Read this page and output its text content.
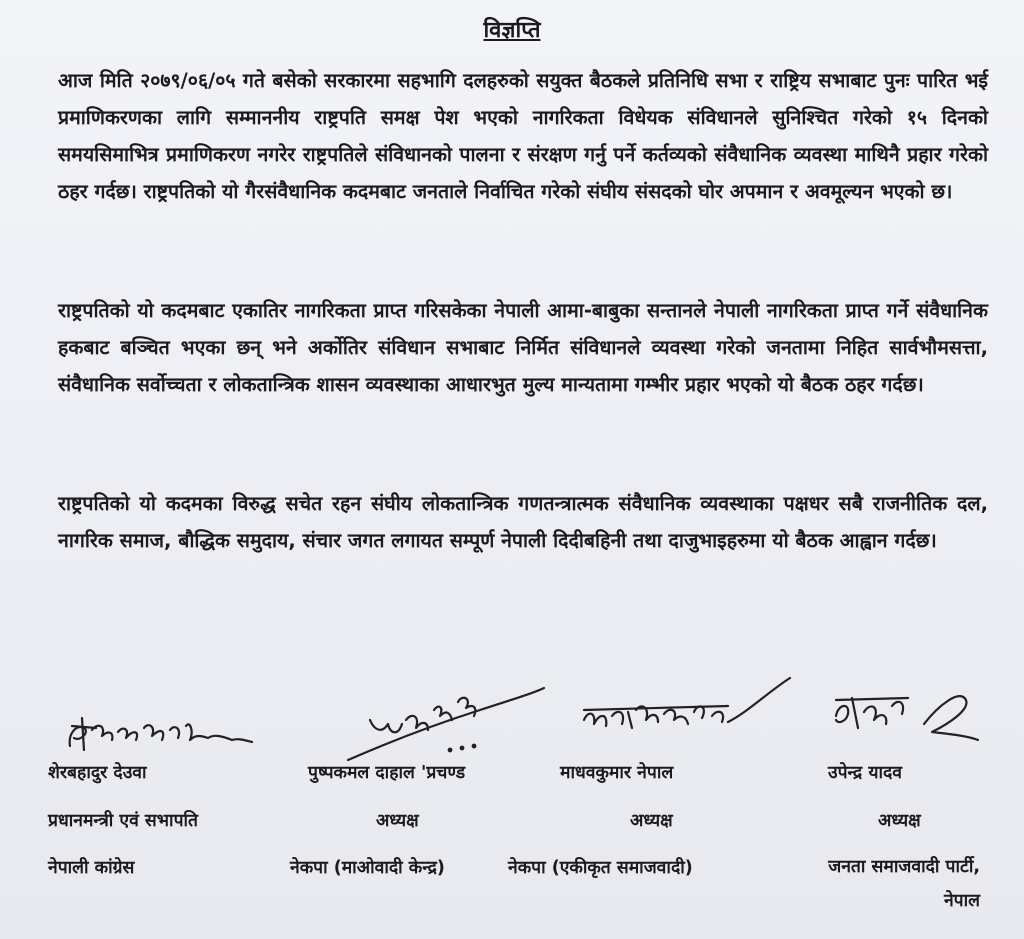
विज्ञप्ति

आज मिति २०७९/०६/०५ गते बसेको सरकारमा सहभागि दलहरुको सयुक्त बैठकले प्रतिनिधि सभा र राष्ट्रिय सभाबाट पुनः पारित भई प्रमाणिकरणका लागि सम्माननीय राष्ट्रपति समक्ष पेश भएको नागरिकता विधेयक संविधानले सुनिश्चित गरेको १५ दिनको समयसिमाभित्र प्रमाणिकरण नगरेर राष्ट्रपतिले संविधानको पालना र संरक्षण गर्नु पर्ने कर्तव्यको संवैधानिक व्यवस्था माथिनै प्रहार गरेको ठहर गर्दछ। राष्ट्रपतिको यो गैरसंवैधानिक कदमबाट जनताले निर्वाचित गरेको संघीय संसदको घोर अपमान र अवमूल्यन भएको छ।

राष्ट्रपतिको यो कदमबाट एकातिर नागरिकता प्राप्त गरिसकेका नेपाली आमा-बाबुका सन्तानले नेपाली नागरिकता प्राप्त गर्ने संवैधानिक हकबाट बञ्चित भएका छन् भने अर्कोतिर संविधान सभाबाट निर्मित संविधानले व्यवस्था गरेको जनतामा निहित सार्वभौमसत्ता, संवैधानिक सर्वोच्चता र लोकतान्त्रिक शासन व्यवस्थाका आधारभुत मुल्य मान्यतामा गम्भीर प्रहार भएको यो बैठक ठहर गर्दछ।

राष्ट्रपतिको यो कदमका विरुद्ध सचेत रहन संघीय लोकतान्त्रिक गणतन्त्रात्मक संवैधानिक व्यवस्थाका पक्षधर सबै राजनीतिक दल, नागरिक समाज, बौद्धिक समुदाय, संचार जगत लगायत सम्पूर्ण नेपाली दिदीबहिनी तथा दाजुभाइहरुमा यो बैठक आह्वान गर्दछ।

शेरबहादुर देउवा
प्रधानमन्त्री एवं सभापति
नेपाली कांग्रेस
पुष्पकमल दाहाल 'प्रचण्ड
अध्यक्ष
नेकपा (माओवादी केन्द्र)
माधवकुमार नेपाल
अध्यक्ष
नेकपा (एकीकृत समाजवादी)
उपेन्द्र यादव
अध्यक्ष
जनता समाजवादी पार्टी, नेपाल
